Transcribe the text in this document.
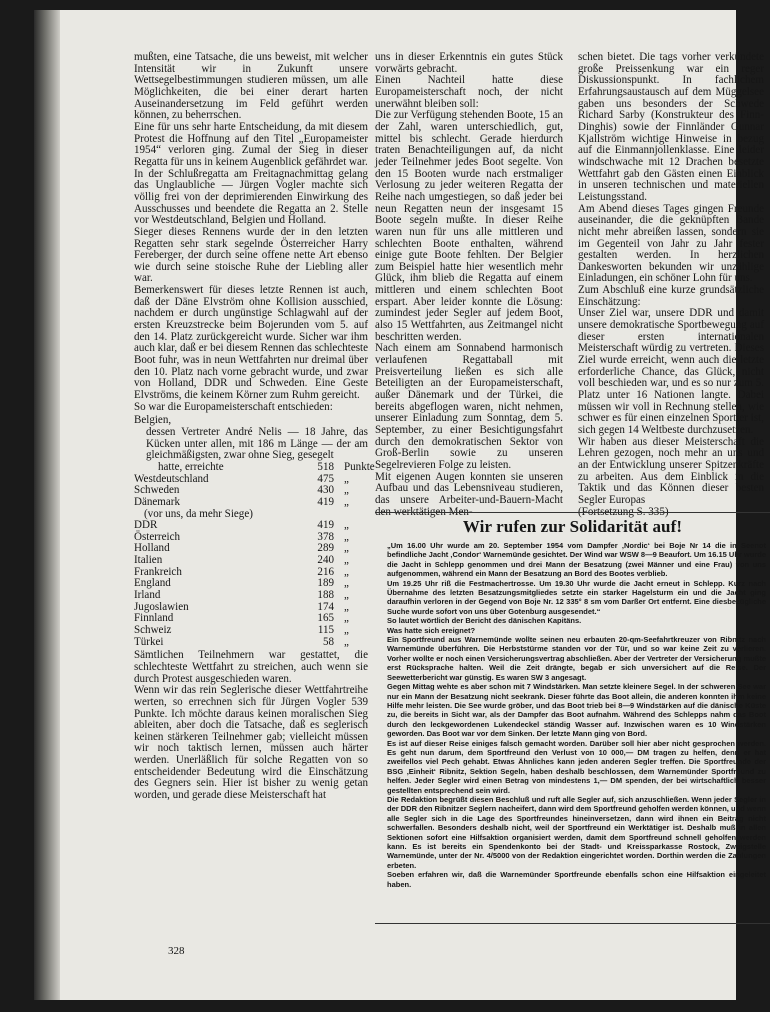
mußten, eine Tatsache, die uns beweist, mit welcher Intensität wir in Zukunft unsere Wettsegelbestimmungen studieren müssen, um alle Möglichkeiten, die bei einer derart harten Auseinandersetzung im Feld geführt werden können, zu beherrschen.

Eine für uns sehr harte Entscheidung, da mit diesem Protest die Hoffnung auf den Titel „Europameister 1954“ verloren ging. Zumal der Sieg in dieser Regatta für uns in keinem Augenblick gefährdet war.

In der Schlußregatta am Freitagnachmittag gelang das Unglaubliche — Jürgen Vogler machte sich völlig frei von der deprimierenden Einwirkung des Ausschusses und beendete die Regatta an 2. Stelle vor Westdeutschland, Belgien und Holland.

Sieger dieses Rennens wurde der in den letzten Regatten sehr stark segelnde Österreicher Harry Fereberger, der durch seine offene nette Art ebenso wie durch seine stoische Ruhe der Liebling aller war.

Bemerkenswert für dieses letzte Rennen ist auch, daß der Däne Elvström ohne Kollision ausschied, nachdem er durch ungünstige Schlagwahl auf der ersten Kreuzstrecke beim Bojerunden vom 5. auf den 14. Platz zurückgereicht wurde. Sicher war ihm auch klar, daß er bei diesem Rennen das schlechteste Boot fuhr, was in neun Wettfahrten nur dreimal über den 10. Platz nach vorne gebracht wurde, und zwar von Holland, DDR und Schweden. Eine Geste Elvströms, die keinem Körner zum Ruhm gereicht.

So war die Europameisterschaft entschieden:

Belgien,
dessen Vertreter André Nelis — 18 Jahre, das Kücken unter allen, mit 186 m Länge — der am gleichmäßigsten, zwar ohne Sieg, gesegelt
hatte, erreichte	518 Punkte
Westdeutschland	475 „
Schweden	430 „
Dänemark	419 „
(vor uns, da mehr Siege)
DDR	419 „
Österreich	378 „
Holland	289 „
Italien	240 „
Frankreich	216 „
England	189 „
Irland	188 „
Jugoslawien	174 „
Finnland	165 „
Schweiz	115 „
Türkei	58 „

Sämtlichen Teilnehmern war gestattet, die schlechteste Wettfahrt zu streichen, auch wenn sie durch Protest ausgeschieden waren.

Wenn wir das rein Seglerische dieser Wettfahrtreihe werten, so errechnen sich für Jürgen Vogler 539 Punkte. Ich möchte daraus keinen moralischen Sieg ableiten, aber doch die Tatsache, daß es seglerisch keinen stärkeren Teilnehmer gab; vielleicht müssen wir noch taktisch lernen, müssen auch härter werden. Unerläßlich für solche Regatten von so entscheidender Bedeutung wird die Einschätzung des Gegners sein. Hier ist bisher zu wenig getan worden, und gerade diese Meisterschaft hat

uns in dieser Erkenntnis ein gutes Stück vorwärts gebracht.

Einen Nachteil hatte diese Europameisterschaft noch, der nicht unerwähnt bleiben soll:

Die zur Verfügung stehenden Boote, 15 an der Zahl, waren unterschiedlich, gut, mittel bis schlecht. Gerade hierdurch traten Benachteiligungen auf, da nicht jeder Teilnehmer jedes Boot segelte. Von den 15 Booten wurde nach erstmaliger Verlosung zu jeder weiteren Regatta der Reihe nach umgestiegen, so daß jeder bei neun Regatten neun der insgesamt 15 Boote segeln mußte. In dieser Reihe waren nun für uns alle mittleren und schlechten Boote enthalten, während einige gute Boote fehlten. Der Belgier zum Beispiel hatte hier wesentlich mehr Glück, ihm blieb die Regatta auf einem mittleren und einem schlechten Boot erspart. Aber leider konnte die Lösung: zumindest jeder Segler auf jedem Boot, also 15 Wettfahrten, aus Zeitmangel nicht beschritten werden.

Nach einem am Sonnabend harmonisch verlaufenen Regattaball mit Preisverteilung ließen es sich alle Beteiligten an der Europameisterschaft, außer Dänemark und der Türkei, die bereits abgeflogen waren, nicht nehmen, unserer Einladung zum Sonntag, dem 5. September, zu einer Besichtigungsfahrt durch den demokratischen Sektor von Groß-Berlin sowie zu unseren Segelrevieren Folge zu leisten.

Mit eigenen Augen konnten sie unseren Aufbau und das Lebensniveau studieren, das unsere Arbeiter-und-Bauern-Macht den werktätigen Men-

schen bietet. Die tags vorher verkündete große Preissenkung war ein reger Diskussionspunkt. In fachlichem Erfahrungsaustausch auf dem Müggelsee gaben uns besonders der Schwede Richard Sarby (Konstrukteur des Finn-Dinghis) sowie der Finnländer Gunnar Kjallström wichtige Hinweise in bezug auf die Einmannjollenklasse. Eine leider windschwache mit 12 Drachen besetzte Wettfahrt gab den Gästen einen Einblick in unseren technischen und materiellen Leistungsstand.

Am Abend dieses Tages gingen Freunde auseinander, die die geknüpften Bande nicht mehr abreißen lassen, sondern sie im Gegenteil von Jahr zu Jahr fester gestalten werden. In herzlichen Dankesworten bekunden wir unzählige Einladungen, ein schöner Lohn für uns.

Zum Abschluß eine kurze grundsätzliche Einschätzung:

Unser Ziel war, unsere DDR und damit unsere demokratische Sportbewegung auf dieser ersten internationalen Meisterschaft würdig zu vertreten. Dieses Ziel wurde erreicht, wenn auch die letzte erforderliche Chance, das Glück, nicht voll beschieden war, und es so nur zum 5. Platz unter 16 Nationen langte. Dabei müssen wir voll in Rechnung stellen, wie schwer es für einen einzelnen Sportler ist, sich gegen 14 Weltbeste durchzusetzen.

Wir haben aus dieser Meisterschaft die Lehren gezogen, noch mehr an uns und an der Entwicklung unserer Spitzenkräfte zu arbeiten. Aus dem Einblick in die Taktik und das Können dieser besten Segler Europas

(Fortsetzung S. 335)

Wir rufen zur Solidarität auf!

„Um 16.00 Uhr wurde am 20. September 1954 vom Dampfer ‚Nordic‘ bei Boje Nr 14 die in Seenot befindliche Jacht ‚Condor‘ Warnemünde gesichtet. Der Wind war WSW 8—9 Beaufort. Um 16.15 Uhr wurde die Jacht in Schlepp genommen und drei Mann der Besatzung (zwei Männer und eine Frau) von uns aufgenommen, während ein Mann der Besatzung an Bord des Bootes verblieb.

Um 19.25 Uhr riß die Festmachertrosse. Um 19.30 Uhr wurde die Jacht erneut in Schlepp. Kurz nach Übernahme des letzten Besatzungsmitgliedes setzte ein starker Hagelsturm ein und die Jacht ging daraufhin verloren in der Gegend von Boje Nr. 12 335° 8 sm vom Darßer Ort entfernt. Eine diesbezügliche Suche wurde sofort von uns über Gotenburg ausgesendet.“

So lautet wörtlich der Bericht des dänischen Kapitäns.

Was hatte sich ereignet?

Ein Sportfreund aus Warnemünde wollte seinen neu erbauten 20-qm-Seefahrtkreuzer von Ribnitz nach Warnemünde überführen. Die Herbststürme standen vor der Tür, und so war keine Zeit zu verlieren. Vorher wollte er noch einen Versicherungsvertrag abschließen. Aber der Vertreter der Versicherung mußte erst Rücksprache halten. Weil die Zeit drängte, begab er sich unversichert auf die Reise. Der Seewetterbericht war günstig. Es waren SW 3 angesagt.

Gegen Mittag wehte es aber schon mit 7 Windstärken. Man setzte kleinere Segel. In der schweren See war nur ein Mann der Besatzung nicht seekrank. Dieser führte das Boot allein, die anderen konnten ihm keine Hilfe mehr leisten. Die See wurde gröber, und das Boot trieb bei 8—9 Windstärken auf die dänische Küste zu, die bereits in Sicht war, als der Dampfer das Boot aufnahm. Während des Schlepps nahm das Boot durch den leckgewordenen Lukendeckel ständig Wasser auf. Inzwischen waren es 10 Windstärken geworden. Das Boot war vor dem Sinken. Der letzte Mann ging von Bord.

Es ist auf dieser Reise einiges falsch gemacht worden. Darüber soll hier aber nicht gesprochen werden. Es geht nun darum, dem Sportfreund den Verlust von 10 000,— DM tragen zu helfen, denn er hat zweifellos viel Pech gehabt. Etwas Ähnliches kann jeden anderen Segler treffen. Die Sportfreunde der BSG ‚Einheit‘ Ribnitz, Sektion Segeln, haben deshalb beschlossen, dem Warnemünder Sportfreund zu helfen. Jeder Segler wird einen Betrag von mindestens 1,— DM spenden, der bei wirtschaftlich besser gestellten entsprechend sein wird.

Die Redaktion begrüßt diesen Beschluß und ruft alle Segler auf, sich anzuschließen. Wenn jeder Segler in der DDR den Ribnitzer Seglern nacheifert, dann wird dem Sportfreund geholfen werden können, und wenn alle Segler sich in die Lage des Sportfreundes hineinversetzen, dann wird ihnen ein Beitrag nicht schwerfallen. Besonders deshalb nicht, weil der Sportfreund ein Werktätiger ist. Deshalb muß in allen Sektionen sofort eine Hilfsaktion organisiert werden, damit dem Sportfreund schnell geholfen werden kann. Es ist bereits ein Spendenkonto bei der Stadt- und Kreissparkasse Rostock, Zweigstelle Warnemünde, unter der Nr. 4/5000 von der Redaktion eingerichtet worden. Dorthin werden die Zahlungen erbeten.

Soeben erfahren wir, daß die Warnemünder Sportfreunde ebenfalls schon eine Hilfsaktion eingeleitet haben.

328
